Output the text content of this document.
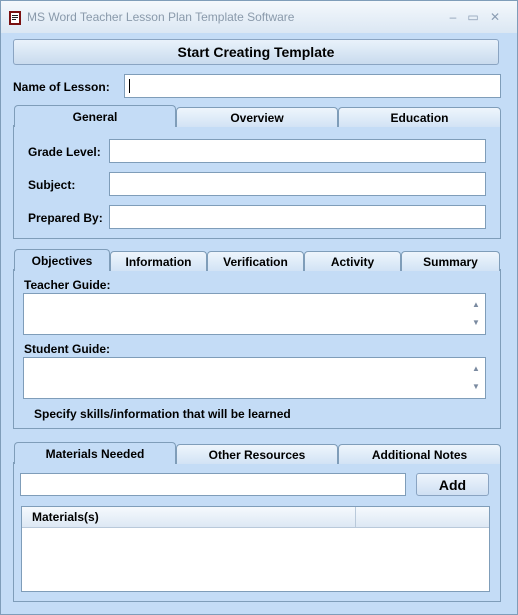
MS Word Teacher Lesson Plan Template Software	– ▭ ✕
Start Creating Template
Name of Lesson:
General	Overview	Education
Grade Level:
Subject:
Prepared By:
Objectives	Information	Verification	Activity	Summary
Teacher Guide:
▲
▼
Student Guide:
▲
▼
Specify skills/information that will be learned
Materials Needed	Other Resources	Additional Notes
Add
Materials(s)
